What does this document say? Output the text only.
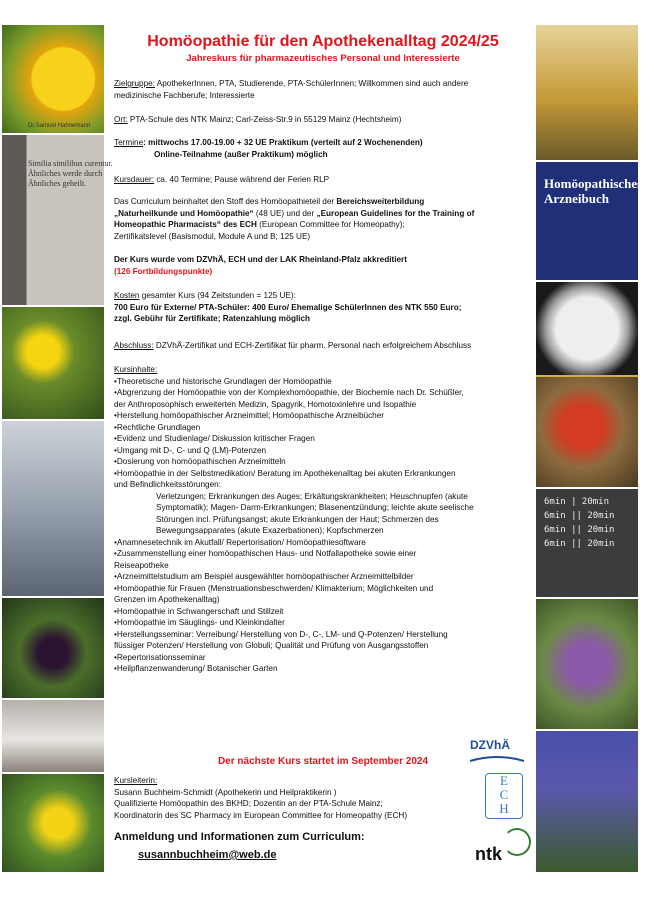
Similia similibus curentur. Ähnliches werde durch Ähnliches geheilt.
Dr.Samuel Hahnemann
Homöopathisches Arzneibuch
6min | 20min
6min || 20min
6min || 20min
6min || 20min
Homöopathie für den Apothekenalltag 2024/25
Jahreskurs für pharmazeutisches Personal und Interessierte
Zielgruppe: ApothekerInnen, PTA, Studierende, PTA-SchülerInnen; Willkommen sind auch andere
medizinische Fachberufe; Interessierte
Ort: PTA-Schule des NTK Mainz; Carl-Zeiss-Str.9 in 55129 Mainz (Hechtsheim)
Termine: mittwochs 17.00-19.00 + 32 UE Praktikum (verteilt auf 2 Wochenenden)
Online-Teilnahme (außer Praktikum) möglich
Kursdauer: ca. 40 Termine; Pause während der Ferien RLP
Das Curriculum beinhaltet den Stoff des Homöopathieteil der Bereichsweiterbildung
„Naturheilkunde und Homöopathie“ (48 UE) und der „European Guidelines for the Training of
Homeopathic Pharmacists“ des ECH (European Committee for Homeopathy);
Zertifikatslevel (Basismodul, Module A und B; 125 UE)
Der Kurs wurde vom DZVhÄ, ECH und der LAK Rheinland-Pfalz akkreditiert
(126 Fortbildungspunkte)
Kosten gesamter Kurs (94 Zeitstunden = 125 UE):
700 Euro für Externe/ PTA-Schüler: 400 Euro/ Ehemalige SchülerInnen des NTK 550 Euro;
zzgl. Gebühr für Zertifikate; Ratenzahlung möglich
Abschluss: DZVhÄ-Zertifikat und ECH-Zertifikat für pharm. Personal nach erfolgreichem Abschluss
Kursinhalte:
•Theoretische und historische Grundlagen der Homöopathie
•Abgrenzung der Homöopathie von der Komplexhomöopathie, der Biochemie nach Dr. Schüßler,
der Anthroposophisch erweiterten Medizin, Spagyrik, Homotoxinlehre und Isopathie
•Herstellung homöopathischer Arzneimittel; Homöopathische Arzneibücher
•Rechtliche Grundlagen
•Evidenz und Studienlage/ Diskussion kritischer Fragen
•Umgang mit D-, C- und Q (LM)-Potenzen
•Dosierung von homöopathischen Arzneimitteln
•Homöopathie in der Selbstmedikation/ Beratung im Apothekenalltag bei akuten Erkrankungen
und Befindlichkeitsstörungen:
Verletzungen; Erkrankungen des Auges; Erkältungskrankheiten; Heuschnupfen (akute
Symptomatik); Magen- Darm-Erkrankungen; Blasenentzündung; leichte akute seelische
Störungen incl. Prüfungsangst; akute Erkrankungen der Haut; Schmerzen des
Bewegungsapparates (akute Exazerbationen); Kopfschmerzen
•Anamnesetechnik im Akutfall/ Repertorisation/ Homöopathiesoftware
•Zusammenstellung einer homöopathischen Haus- und Notfallapotheke sowie einer
Reiseapotheke
•Arzneimittelstudium am Beispiel ausgewählter homöopathischer Arzneimittelbilder
•Homöopathie für Frauen (Menstruationsbeschwerden/ Klimakterium; Möglichkeiten und
Grenzen im Apothekenalltag)
•Homöopathie in Schwangerschaft und Stillzeit
•Homöopathie im Säuglings- und Kleinkindalter
•Herstellungsseminar: Verreibung/ Herstellung von D-, C-, LM- und Q-Potenzen/ Herstellung
flüssiger Potenzen/ Herstellung von Globuli; Qualität und Prüfung von Ausgangsstoffen
•Repertorisationsseminar
•Heilpflanzenwanderung/ Botanischer Garten
Der nächste Kurs startet im September 2024
Kursleiterin:
Susann Buchheim-Schmidt (Apothekerin und Heilpraktikerin )
Qualifizierte Homöopathin des BKHD; Dozentin an der PTA-Schule Mainz;
Koordinatorin des SC Pharmacy im European Committee for Homeopathy (ECH)
Anmeldung und Informationen zum Curriculum:
susannbuchheim@web.de
DZVhÄ
E
C
H
ntk
